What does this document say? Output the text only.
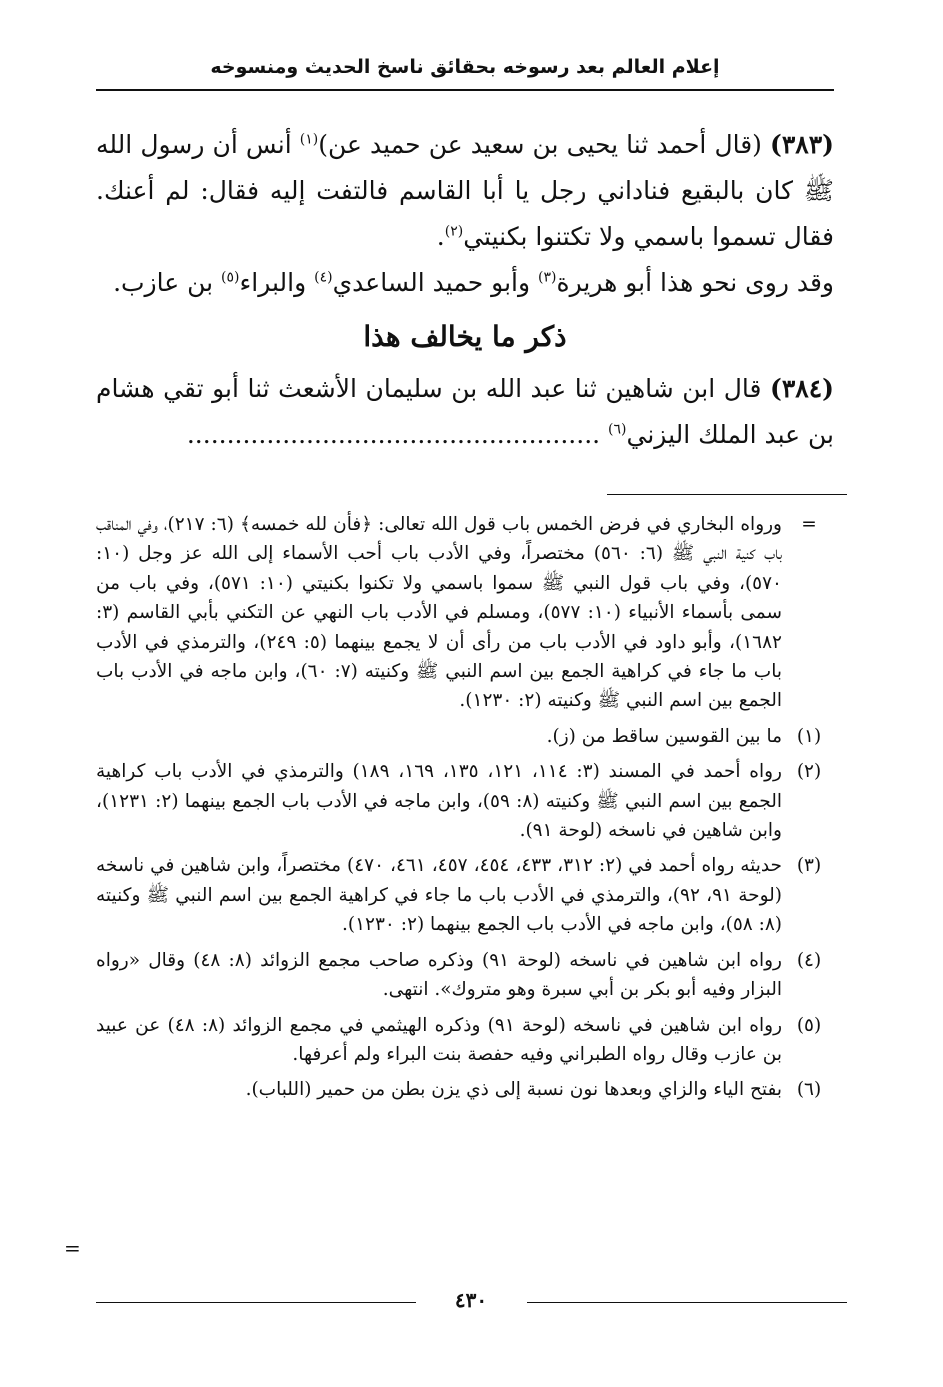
إعلام العالم بعد رسوخه بحقائق ناسخ الحديث ومنسوخه

(٣٨٣) (قال أحمد ثنا يحيى بن سعيد عن حميد عن)$^{(١)}$ أنس أن رسول الله ﷺ كان بالبقيع فناداني رجل يا أبا القاسم فالتفت إليه فقال: لم أعنك. فقال تسموا باسمي ولا تكتنوا بكنيتي$^{(٢)}$.

وقد روى نحو هذا أبو هريرة$^{(٣)}$ وأبو حميد الساعدي$^{(٤)}$ والبراء$^{(٥)}$ بن عازب.

ذكر ما يخالف هذا

(٣٨٤) قال ابن شاهين ثنا عبد الله بن سليمان الأشعث ثنا أبو تقي هشام بن عبد الملك اليزني$^{(٦)}$ ....................................................

=
ورواه البخاري في فرض الخمس باب قول الله تعالى: ﴿فأن لله خمسه﴾ (٦: ٢١٧)، وفي المناقب باب كنية النبي ﷺ (٦: ٥٦٠) مختصراً، وفي الأدب باب أحب الأسماء إلى الله عز وجل (١٠: ٥٧٠)، وفي باب قول النبي ﷺ سموا باسمي ولا تكنوا بكنيتي (١٠: ٥٧١)، وفي باب من سمى بأسماء الأنبياء (١٠: ٥٧٧)، ومسلم في الأدب باب النهي عن التكني بأبي القاسم (٣: ١٦٨٢)، وأبو داود في الأدب باب من رأى أن لا يجمع بينهما (٥: ٢٤٩)، والترمذي في الأدب باب ما جاء في كراهية الجمع بين اسم النبي ﷺ وكنيته (٧: ٦٠)، وابن ماجه في الأدب باب الجمع بين اسم النبي ﷺ وكنيته (٢: ١٢٣٠).
(١)
ما بين القوسين ساقط من (ز).
(٢)
رواه أحمد في المسند (٣: ١١٤، ١٢١، ١٣٥، ١٦٩، ١٨٩) والترمذي في الأدب باب كراهية الجمع بين اسم النبي ﷺ وكنيته (٨: ٥٩)، وابن ماجه في الأدب باب الجمع بينهما (٢: ١٢٣١)، وابن شاهين في ناسخه (لوحة ٩١).
(٣)
حديثه رواه أحمد في (٢: ٣١٢، ٤٣٣، ٤٥٤، ٤٥٧، ٤٦١، ٤٧٠) مختصراً، وابن شاهين في ناسخه (لوحة ٩١، ٩٢)، والترمذي في الأدب باب ما جاء في كراهية الجمع بين اسم النبي ﷺ وكنيته (٨: ٥٨)، وابن ماجه في الأدب باب الجمع بينهما (٢: ١٢٣٠).
(٤)
رواه ابن شاهين في ناسخه (لوحة ٩١) وذكره صاحب مجمع الزوائد (٨: ٤٨) وقال «رواه البزار وفيه أبو بكر بن أبي سبرة وهو متروك». انتهى.
(٥)
رواه ابن شاهين في ناسخه (لوحة ٩١) وذكره الهيثمي في مجمع الزوائد (٨: ٤٨) عن عبيد بن عازب وقال رواه الطبراني وفيه حفصة بنت البراء ولم أعرفها.
(٦)
بفتح الياء والزاي وبعدها نون نسبة إلى ذي يزن بطن من حمير (اللباب).
=
٤٣٠
